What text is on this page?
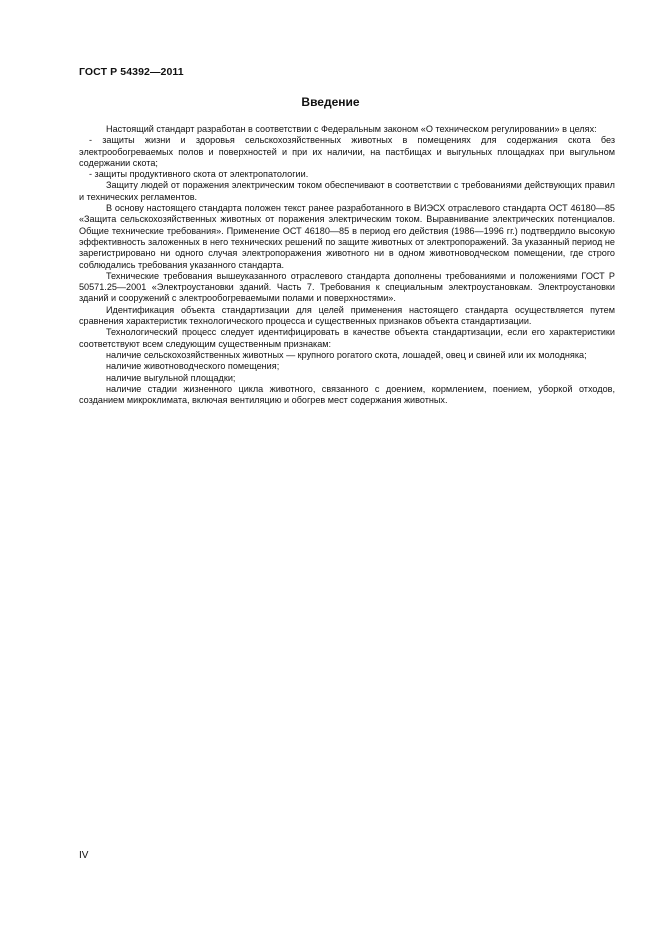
ГОСТ Р 54392—2011
Введение

Настоящий стандарт разработан в соответствии с Федеральным законом «О техническом регулировании» в целях:

- защиты жизни и здоровья сельскохозяйственных животных в помещениях для содержания скота без электрообогреваемых полов и поверхностей и при их наличии, на пастбищах и выгульных площадках при выгульном содержании скота;

- защиты продуктивного скота от электропатологии.

Защиту людей от поражения электрическим током обеспечивают в соответствии с требованиями действующих правил и технических регламентов.

В основу настоящего стандарта положен текст ранее разработанного в ВИЭСХ отраслевого стандарта ОСТ 46180—85 «Защита сельскохозяйственных животных от поражения электрическим током. Выравнивание электрических потенциалов. Общие технические требования». Применение ОСТ 46180—85 в период его действия (1986—1996 гг.) подтвердило высокую эффективность заложенных в него технических решений по защите животных от электропоражений. За указанный период не зарегистрировано ни одного случая электропоражения животного ни в одном животноводческом помещении, где строго соблюдались требования указанного стандарта.

Технические требования вышеуказанного отраслевого стандарта дополнены требованиями и положениями ГОСТ Р 50571.25—2001 «Электроустановки зданий. Часть 7. Требования к специальным электроустановкам. Электроустановки зданий и сооружений с электрообогреваемыми полами и поверхностями».

Идентификация объекта стандартизации для целей применения настоящего стандарта осуществляется путем сравнения характеристик технологического процесса и существенных признаков объекта стандартизации.

Технологический процесс следует идентифицировать в качестве объекта стандартизации, если его характеристики соответствуют всем следующим существенным признакам:

наличие сельскохозяйственных животных — крупного рогатого скота, лошадей, овец и свиней или их молодняка;

наличие животноводческого помещения;

наличие выгульной площадки;

наличие стадии жизненного цикла животного, связанного с доением, кормлением, поением, уборкой отходов, созданием микроклимата, включая вентиляцию и обогрев мест содержания животных.

IV
